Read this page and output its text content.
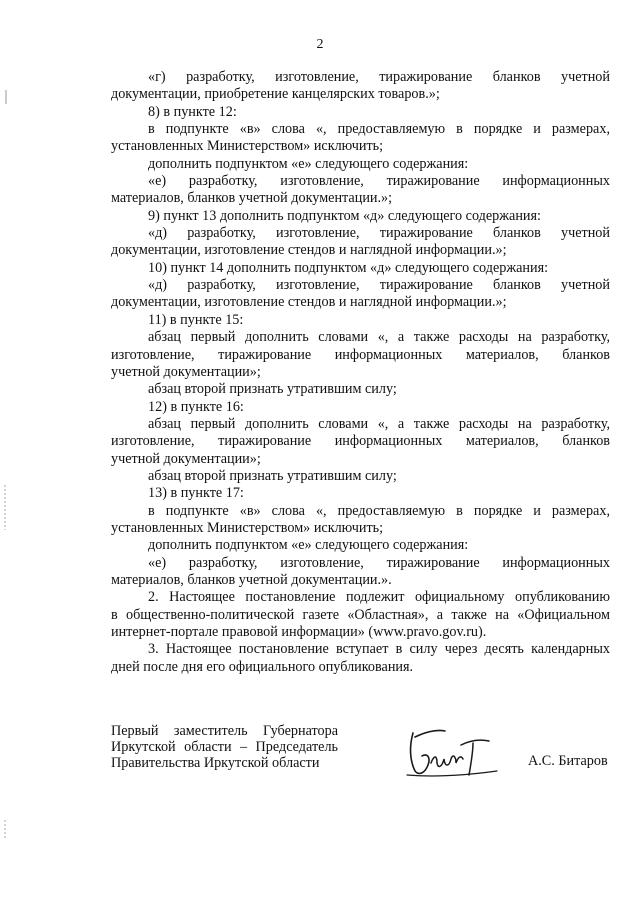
2
«г) разработку, изготовление, тиражирование бланков учетной
документации, приобретение канцелярских товаров.»;
8) в пункте 12:
в подпункте «в» слова «, предоставляемую в порядке и размерах,
установленных Министерством» исключить;
дополнить подпунктом «е» следующего содержания:
«е) разработку, изготовление, тиражирование информационных
материалов, бланков учетной документации.»;
9) пункт 13 дополнить подпунктом «д» следующего содержания:
«д) разработку, изготовление, тиражирование бланков учетной
документации, изготовление стендов и наглядной информации.»;
10) пункт 14 дополнить подпунктом «д» следующего содержания:
«д) разработку, изготовление, тиражирование бланков учетной
документации, изготовление стендов и наглядной информации.»;
11) в пункте 15:
абзац первый дополнить словами «, а также расходы на разработку,
изготовление, тиражирование информационных материалов, бланков
учетной документации»;
абзац второй признать утратившим силу;
12) в пункте 16:
абзац первый дополнить словами «, а также расходы на разработку,
изготовление, тиражирование информационных материалов, бланков
учетной документации»;
абзац второй признать утратившим силу;
13) в пункте 17:
в подпункте «в» слова «, предоставляемую в порядке и размерах,
установленных Министерством» исключить;
дополнить подпунктом «е» следующего содержания:
«е) разработку, изготовление, тиражирование информационных
материалов, бланков учетной документации.».
2. Настоящее постановление подлежит официальному опубликованию
в общественно-политической газете «Областная», а также на «Официальном
интернет-портале правовой информации» (www.pravo.gov.ru).
3. Настоящее постановление вступает в силу через десять календарных
дней после дня его официального опубликования.
Первый заместитель Губернатора
Иркутской области – Председатель
Правительства Иркутской области	А.С. Битаров
